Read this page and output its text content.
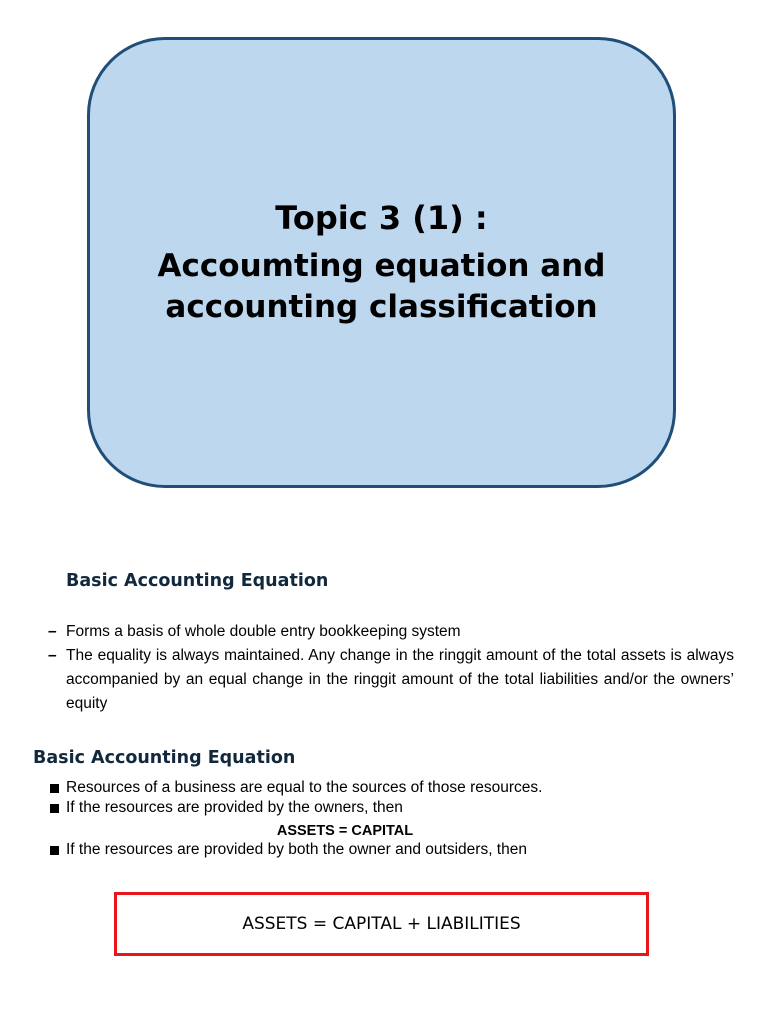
Topic 3 (1) :
Accoumting equation and accounting classification
Basic Accounting Equation
– Forms a basis of whole double entry bookkeeping system
– The equality is always maintained. Any change in the ringgit amount of the total assets is always accompanied by an equal change in the ringgit amount of the total liabilities and/or the owners’ equity
Basic Accounting Equation
Resources of a business are equal to the sources of those resources.
If the resources are provided by the owners, then
ASSETS = CAPITAL
If the resources are provided by both the owner and outsiders, then
ASSETS = CAPITAL + LIABILITIES
